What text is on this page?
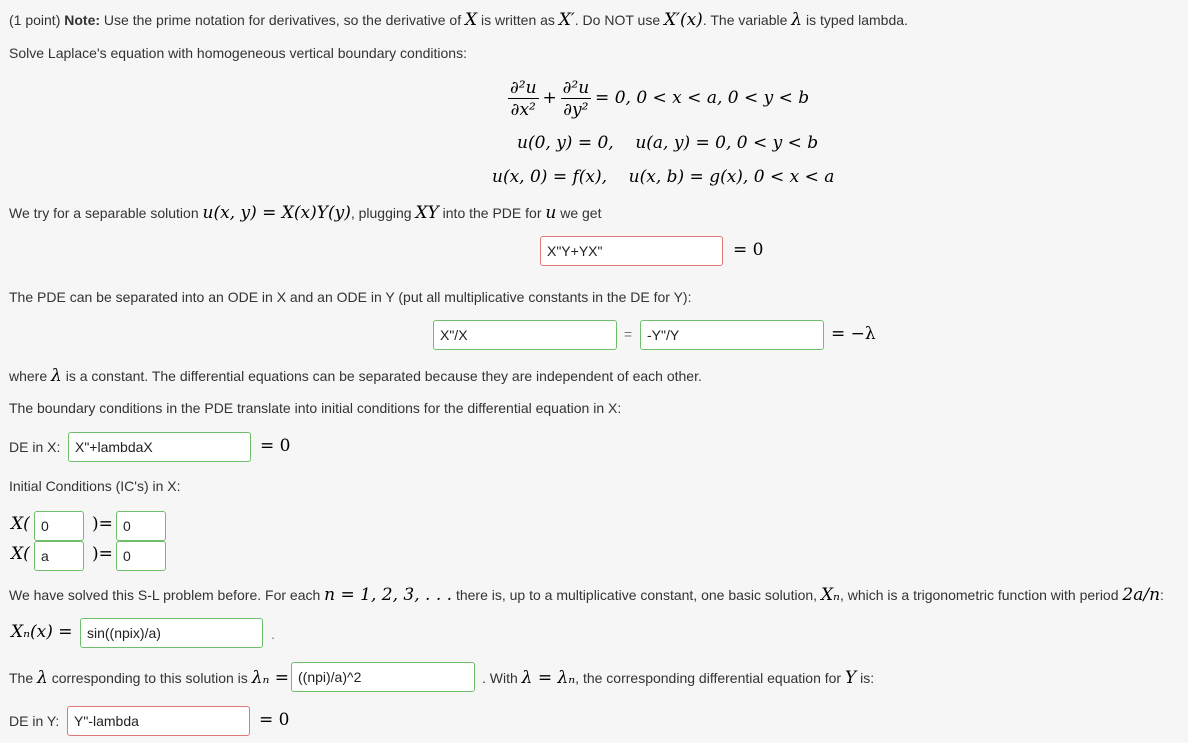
(1 point) Note: Use the prime notation for derivatives, so the derivative of X is written as X′. Do NOT use X′(x). The variable λ is typed lambda.
Solve Laplace's equation with homogeneous vertical boundary conditions:
$\frac{\text{∂²u}}{\text{∂x²}} + \frac{\text{∂²u}}{\text{∂y²}} = 0$, 0 < x < a, 0 < y < b
u(0, y) = 0, u(a, y) = 0, 0 < y < b
u(x, 0) = f(x), u(x, b) = g(x), 0 < x < a
We try for a separable solution u(x, y) = X(x)Y(y), plugging XY into the PDE for u we get
X"Y+YX"	= 0
The PDE can be separated into an ODE in X and an ODE in Y (put all multiplicative constants in the DE for Y):
X"/X	=	-Y"/Y	= −λ
where λ is a constant. The differential equations can be separated because they are independent of each other.
The boundary conditions in the PDE translate into initial conditions for the differential equation in X:
DE in X:	X"+lambdaX	= 0
Initial Conditions (IC's) in X:
X( 0	)= 0
X( a	)= 0
We have solved this S-L problem before. For each n = 1, 2, 3, . . . there is, up to a multiplicative constant, one basic solution, Xₙ, which is a trigonometric function with period 2a/n:
Xₙ(x) =	sin((npix)/a)	.
The λ corresponding to this solution is λₙ = ((npi)/a)^2	. With λ = λₙ, the corresponding differential equation for Y is:
DE in Y:	Y"-lambda	= 0
